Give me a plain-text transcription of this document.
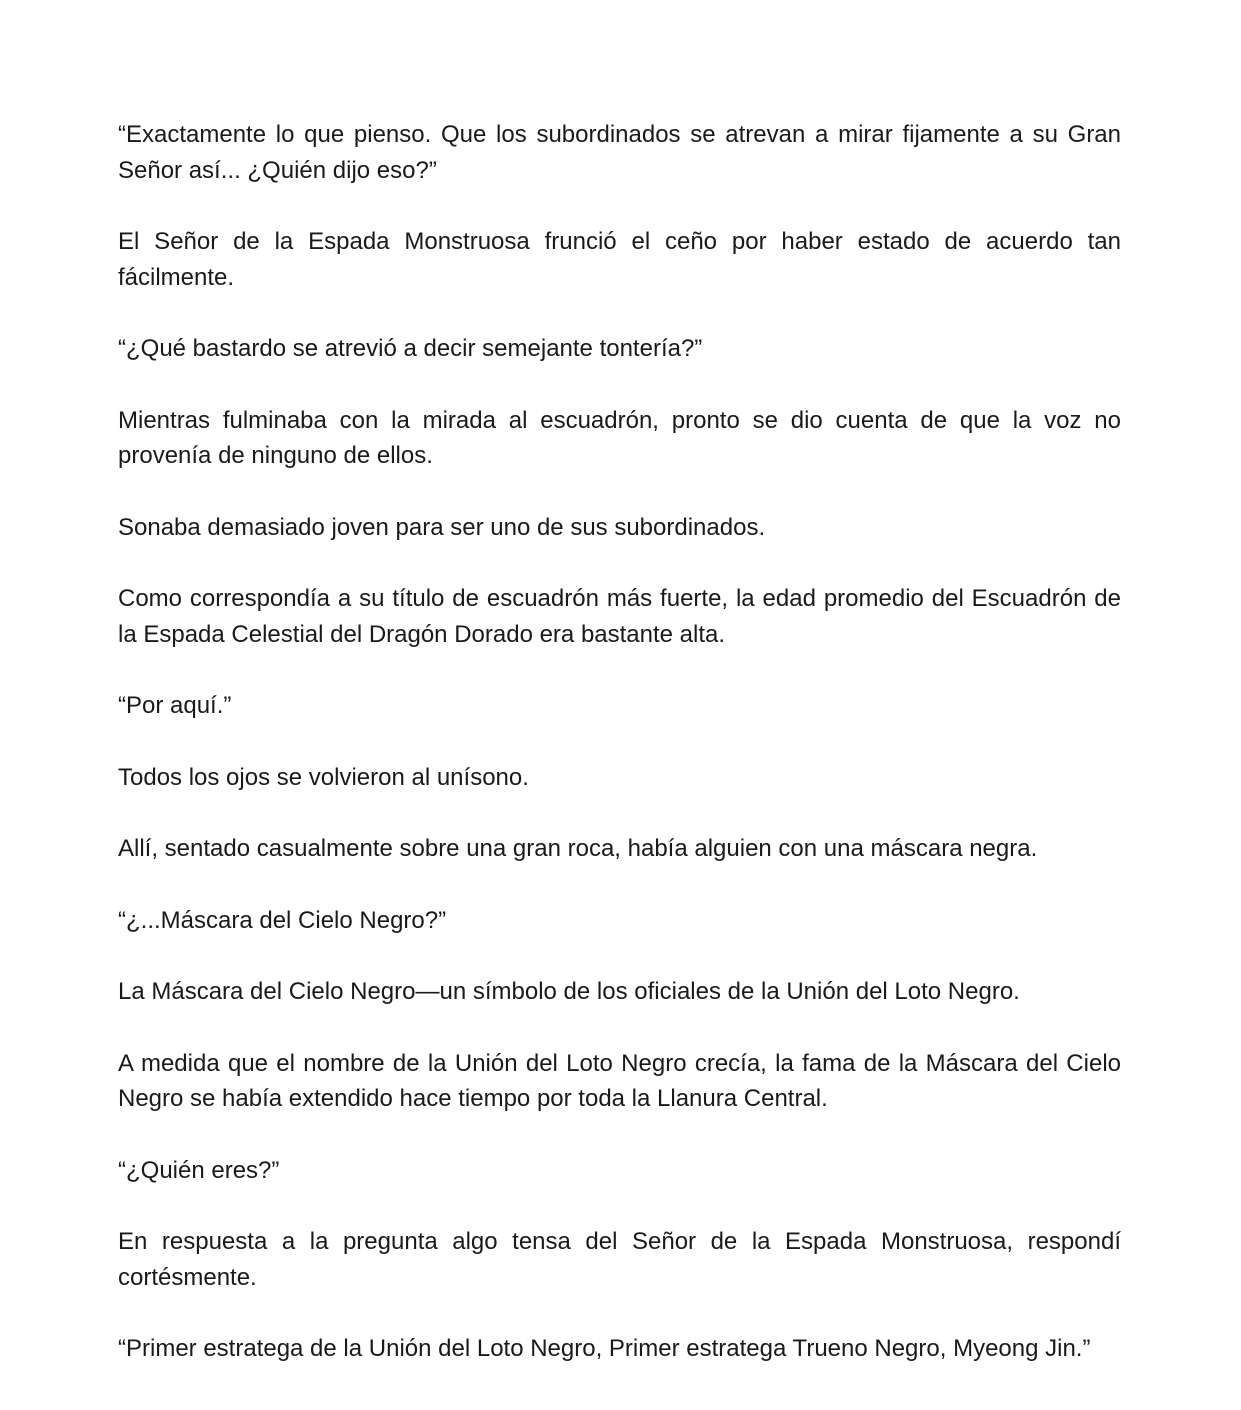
“Exactamente lo que pienso. Que los subordinados se atrevan a mirar fijamente a su Gran Señor así... ¿Quién dijo eso?”

El Señor de la Espada Monstruosa frunció el ceño por haber estado de acuerdo tan fácilmente.

“¿Qué bastardo se atrevió a decir semejante tontería?”

Mientras fulminaba con la mirada al escuadrón, pronto se dio cuenta de que la voz no provenía de ninguno de ellos.

Sonaba demasiado joven para ser uno de sus subordinados.

Como correspondía a su título de escuadrón más fuerte, la edad promedio del Escuadrón de la Espada Celestial del Dragón Dorado era bastante alta.

“Por aquí.”

Todos los ojos se volvieron al unísono.

Allí, sentado casualmente sobre una gran roca, había alguien con una máscara negra.

“¿...Máscara del Cielo Negro?”

La Máscara del Cielo Negro—un símbolo de los oficiales de la Unión del Loto Negro.

A medida que el nombre de la Unión del Loto Negro crecía, la fama de la Máscara del Cielo Negro se había extendido hace tiempo por toda la Llanura Central.

“¿Quién eres?”

En respuesta a la pregunta algo tensa del Señor de la Espada Monstruosa, respondí cortésmente.

“Primer estratega de la Unión del Loto Negro, Primer estratega Trueno Negro, Myeong Jin.”
